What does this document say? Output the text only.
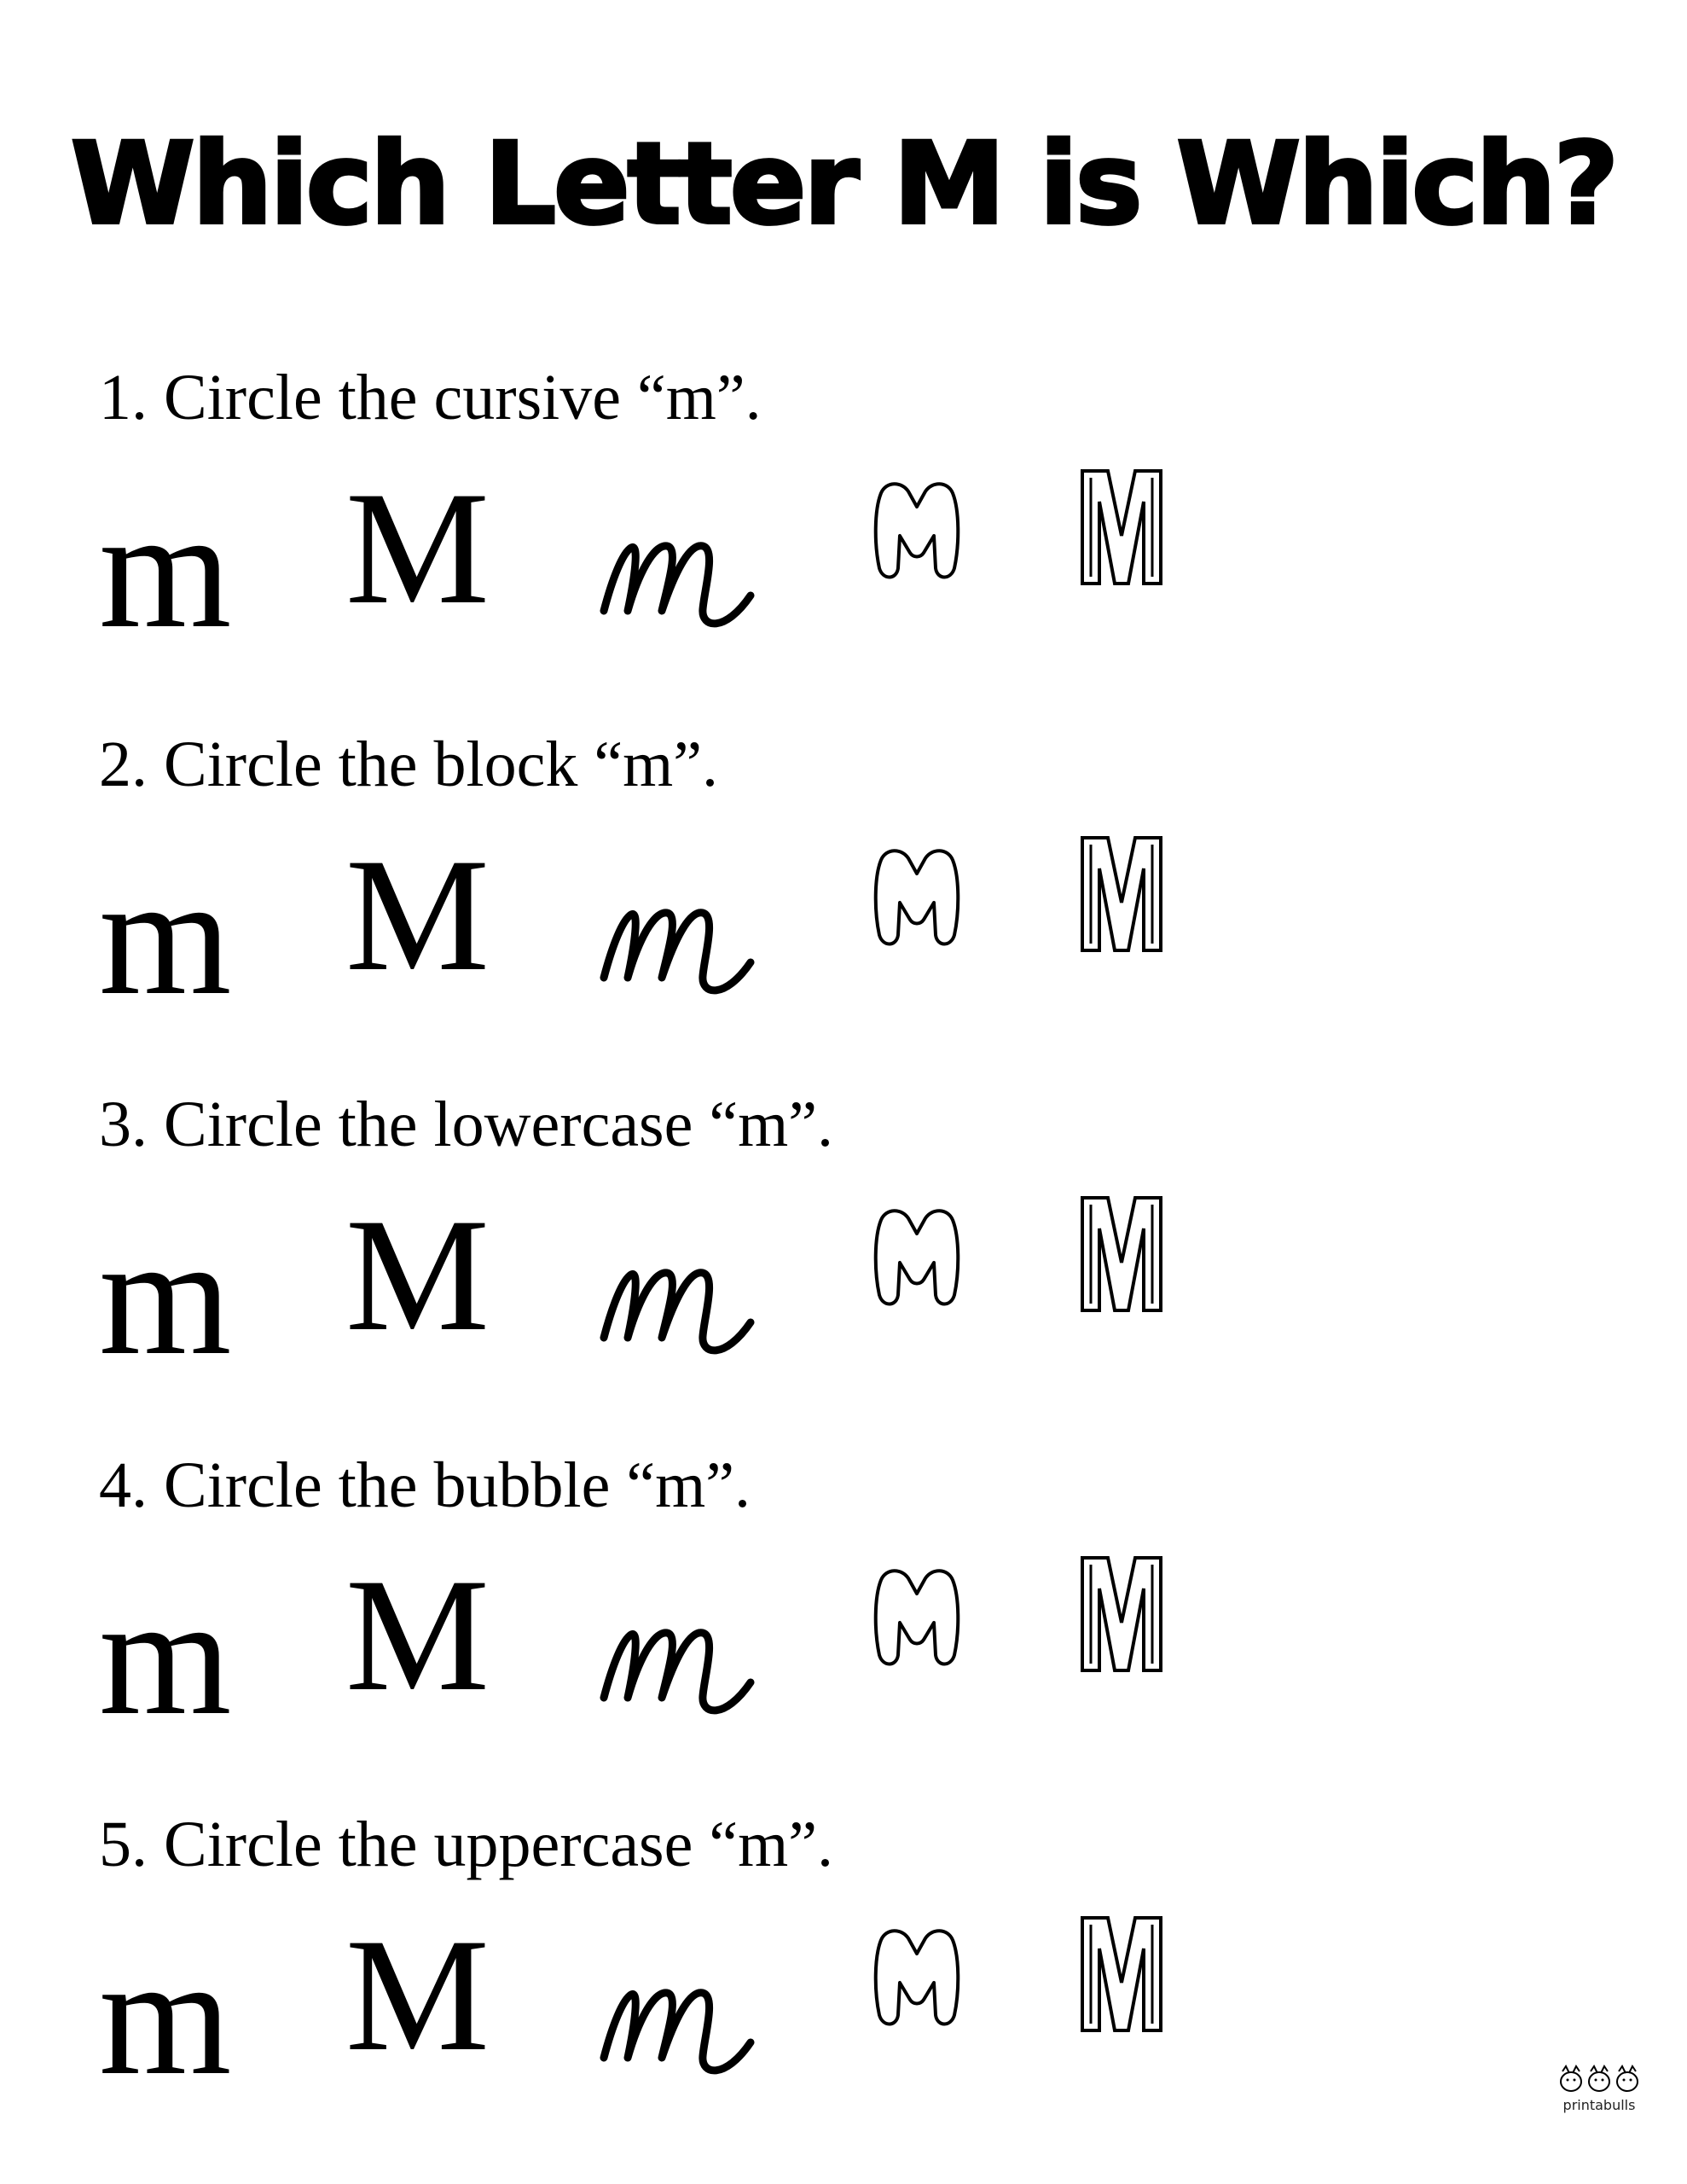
Which Letter M is Which?
1. Circle the cursive “m”.
m M
2. Circle the block “m”.
m M
3. Circle the lowercase “m”.
m M
4. Circle the bubble “m”.
m M
5. Circle the uppercase “m”.
m M
printabulls
